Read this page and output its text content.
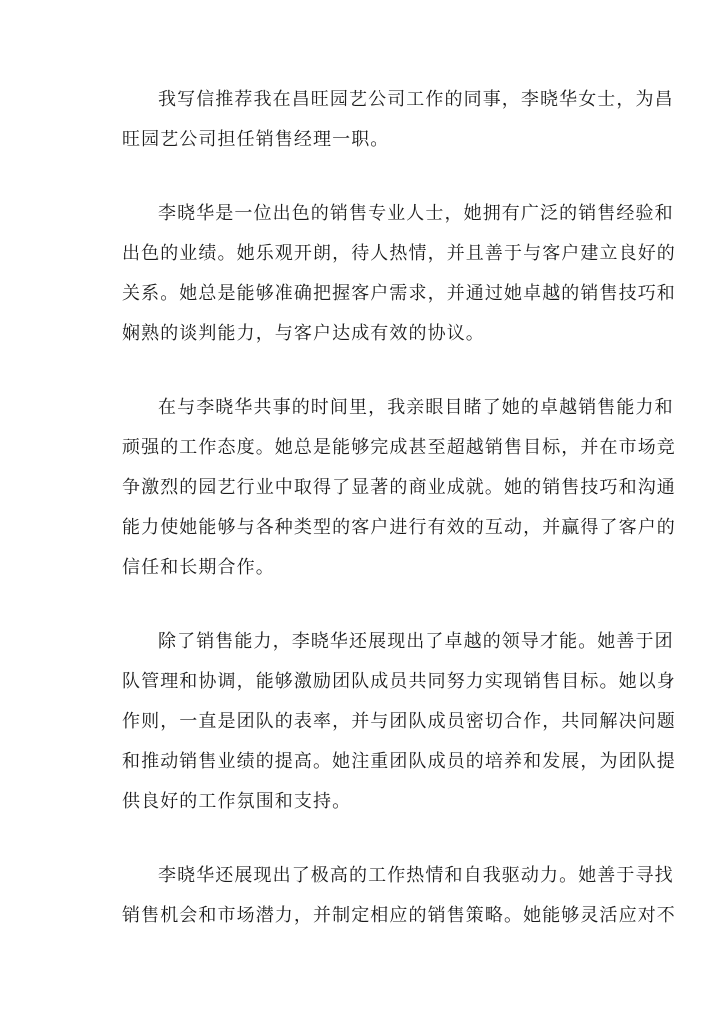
我写信推荐我在昌旺园艺公司工作的同事，李晓华女士，为昌
旺园艺公司担任销售经理一职。

李晓华是一位出色的销售专业人士，她拥有广泛的销售经验和
出色的业绩。她乐观开朗，待人热情，并且善于与客户建立良好的
关系。她总是能够准确把握客户需求，并通过她卓越的销售技巧和
娴熟的谈判能力，与客户达成有效的协议。

在与李晓华共事的时间里，我亲眼目睹了她的卓越销售能力和
顽强的工作态度。她总是能够完成甚至超越销售目标，并在市场竞
争激烈的园艺行业中取得了显著的商业成就。她的销售技巧和沟通
能力使她能够与各种类型的客户进行有效的互动，并赢得了客户的
信任和长期合作。

除了销售能力，李晓华还展现出了卓越的领导才能。她善于团
队管理和协调，能够激励团队成员共同努力实现销售目标。她以身
作则，一直是团队的表率，并与团队成员密切合作，共同解决问题
和推动销售业绩的提高。她注重团队成员的培养和发展，为团队提
供良好的工作氛围和支持。

李晓华还展现出了极高的工作热情和自我驱动力。她善于寻找
销售机会和市场潜力，并制定相应的销售策略。她能够灵活应对不
